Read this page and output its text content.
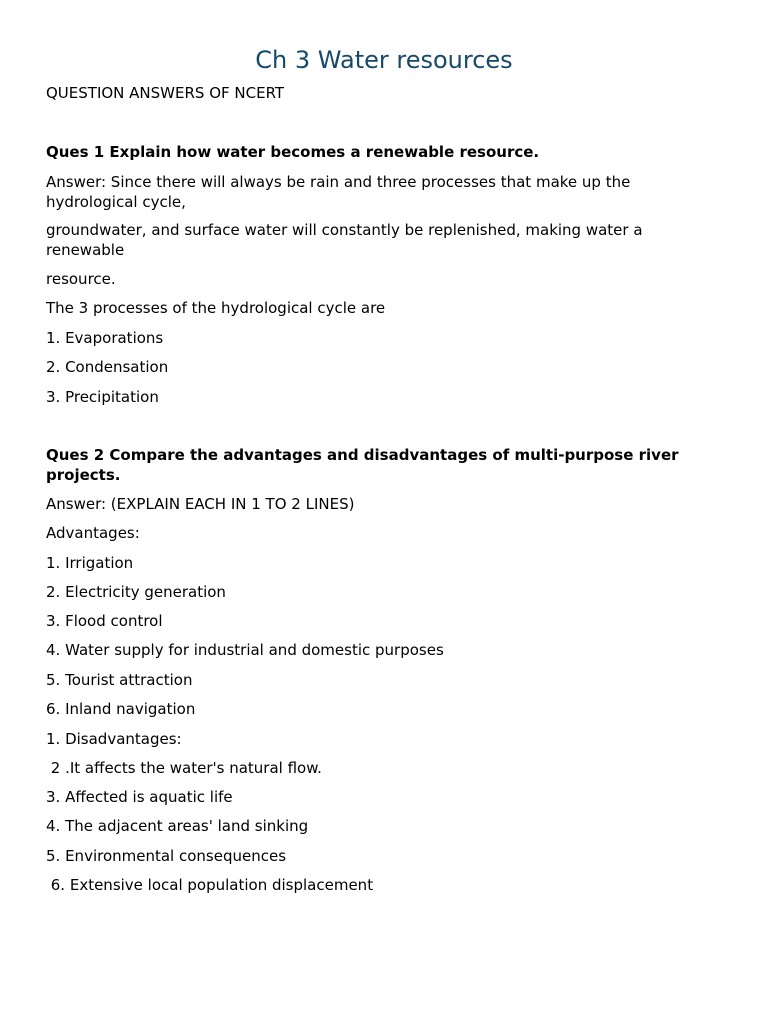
Ch 3 Water resources

QUESTION ANSWERS OF NCERT

Ques 1 Explain how water becomes a renewable resource.

Answer: Since there will always be rain and three processes that make up the hydrological cycle,

groundwater, and surface water will constantly be replenished, making water a renewable

resource.

The 3 processes of the hydrological cycle are

1. Evaporations

2. Condensation

3. Precipitation

Ques 2 Compare the advantages and disadvantages of multi-purpose river projects.

Answer: (EXPLAIN EACH IN 1 TO 2 LINES)

Advantages:

1. Irrigation

2. Electricity generation

3. Flood control

4. Water supply for industrial and domestic purposes

5. Tourist attraction

6. Inland navigation

1. Disadvantages:

2 .It affects the water's natural flow.

3. Affected is aquatic life

4. The adjacent areas' land sinking

5. Environmental consequences

6. Extensive local population displacement
